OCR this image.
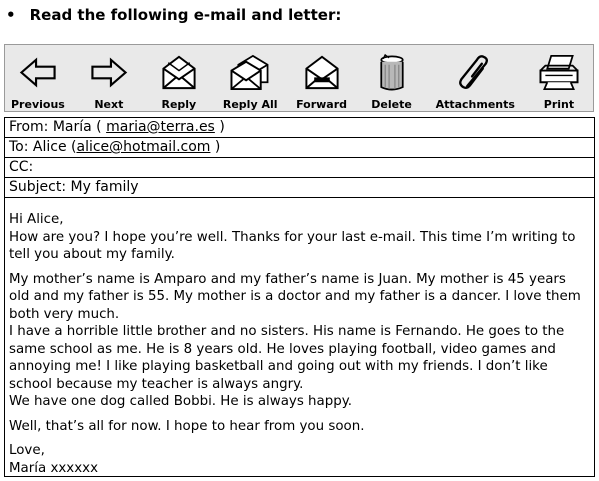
• Read the following e-mail and letter:
Previous	Next	Reply Reply All Forward Delete Attachments	Print
From: María ( maria@terra.es )
To: Alice (alice@hotmail.com )
CC:
Subject: My family
Hi Alice,

How are you? I hope you’re well. Thanks for your last e-mail. This time I’m writing to tell you about my family.

My mother’s name is Amparo and my father’s name is Juan. My mother is 45 years old and my father is 55. My mother is a doctor and my father is a dancer. I love them both very much.
I have a horrible little brother and no sisters. His name is Fernando. He goes to the same school as me. He is 8 years old. He loves playing football, video games and annoying me! I like playing basketball and going out with my friends. I don’t like school because my teacher is always angry.

We have one dog called Bobbi. He is always happy.

Well, that’s all for now. I hope to hear from you soon.

Love,
María xxxxxx
